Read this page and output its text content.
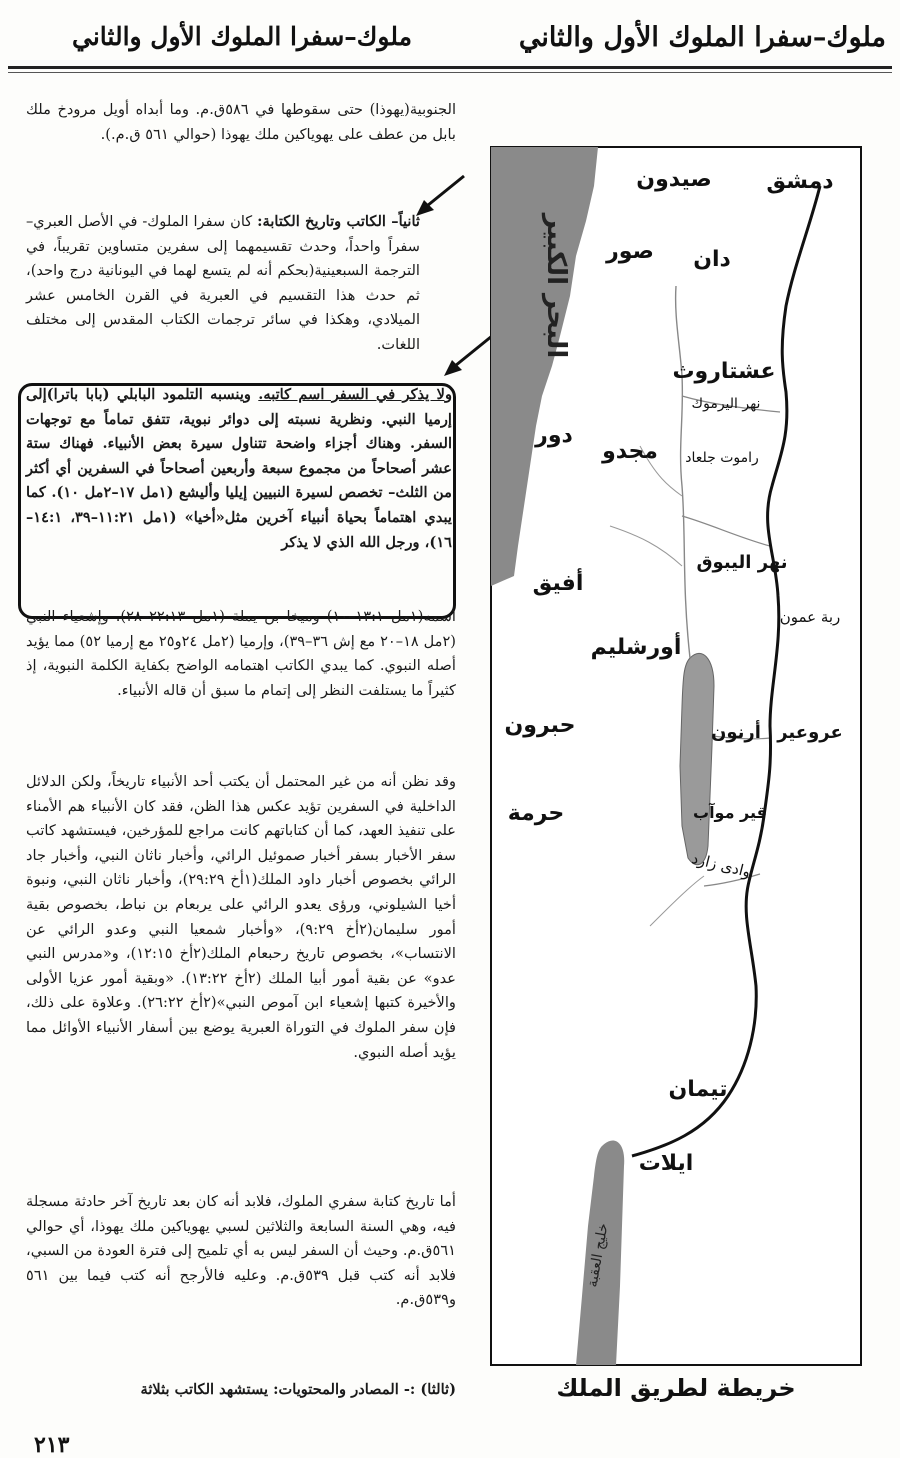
ملوك–سفرا الملوك الأول والثاني
ملوك–سفرا الملوك الأول والثاني

الجنوبية(يهوذا) حتى سقوطها في ٥٨٦ق.م. وما أبداه أويل مرودخ ملك بابل من عطف على يهوياكين ملك يهوذا (حوالي ٥٦١ ق.م.).

ثانياً– الكاتب وتاريخ الكتابة: كان سفرا الملوك- في الأصل العبري–سفراً واحداً، وحدث تقسيمهما إلى سفرين متساوين تقريباً، في الترجمة السبعينية(بحكم أنه لم يتسع لهما في اليونانية درج واحد)، ثم حدث هذا التقسيم في العبرية في القرن الخامس عشر الميلادي، وهكذا في سائر ترجمات الكتاب المقدس إلى مختلف اللغات.

ولا يذكر في السفر اسم كاتبه. وينسبه التلمود البابلي (بابا باترا)إلى إرميا النبي. ونظرية نسبته إلى دوائر نبوية، تتفق تماماً مع توجهات السفر. وهناك أجزاء واضحة تتناول سيرة بعض الأنبياء. فهناك ستة عشر أصحاحاً من مجموع سبعة وأربعين أصحاحاً في السفرين أي أكثر من الثلث– تخصص لسيرة النبيين إيليا وأليشع (١مل ١٧–٢مل ١٠). كما يبدي اهتماماً بحياة أنبياء آخرين مثل«أخيا» (١مل ١١:٢١–٣٩، ١٤:١–١٦)، ورجل الله الذي لا يذكر

اسمه(١مل ١٣:١–١٠) وميخا بن يملة (١مل ٢٢:١٣–٢٨). وإشعياء النبي (٢مل ١٨–٢٠ مع إش ٣٦–٣٩)، وإرميا (٢مل ٢٤و٢٥ مع إرميا ٥٢) مما يؤيد أصله النبوي. كما يبدي الكاتب اهتمامه الواضح بكفاية الكلمة النبوية، إذ كثيراً ما يستلفت النظر إلى إتمام ما سبق أن قاله الأنبياء.

وقد نظن أنه من غير المحتمل أن يكتب أحد الأنبياء تاريخاً، ولكن الدلائل الداخلية في السفرين تؤيد عكس هذا الظن، فقد كان الأنبياء هم الأمناء على تنفيذ العهد، كما أن كتاباتهم كانت مراجع للمؤرخين، فيستشهد كاتب سفر الأخبار بسفر أخبار صموئيل الرائي، وأخبار ناثان النبي، وأخبار جاد الرائي بخصوص أخبار داود الملك(١أخ ٢٩:٢٩)، وأخبار ناثان النبي، ونبوة أخيا الشيلوني، ورؤى يعدو الرائي على يربعام بن نباط، بخصوص بقية أمور سليمان(٢أخ ٩:٢٩)، «وأخبار شمعيا النبي وعدو الرائي عن الانتساب»، بخصوص تاريخ رحبعام الملك(٢أخ ١٢:١٥)، و«مدرس النبي عدو» عن بقية أمور أبيا الملك (٢أخ ١٣:٢٢). «وبقية أمور عزيا الأولى والأخيرة كتبها إشعياء ابن آموص النبي»(٢أخ ٢٦:٢٢). وعلاوة على ذلك، فإن سفر الملوك في التوراة العبرية يوضع بين أسفار الأنبياء الأوائل مما يؤيد أصله النبوي.

أما تاريخ كتابة سفري الملوك، فلابد أنه كان بعد تاريخ آخر حادثة مسجلة فيه، وهي السنة السابعة والثلاثين لسبي يهوياكين ملك يهوذا، أي حوالي ٥٦١ق.م. وحيث أن السفر ليس به أي تلميح إلى فترة العودة من السبي، فلابد أنه كتب قبل ٥٣٩ق.م. وعليه فالأرجح أنه كتب فيما بين ٥٦١ و٥٣٩ق.م.

(ثالثا) :- المصادر والمحتويات: يستشهد الكاتب بثلاثة

٢١٣
البحر الكبير
خليج العقبة
دمشق
صيدون
صور دان
عشتاروث
نهر اليرموك
راموت جلعاد
دور
مجدو
نهر اليبوق
أفيق
ربة عمون
أورشليم
حبرون	عروعير
أرنون
قير موآب
حرمة
وادى زارد
تيمان
ايلات
خريطة لطريق الملك
